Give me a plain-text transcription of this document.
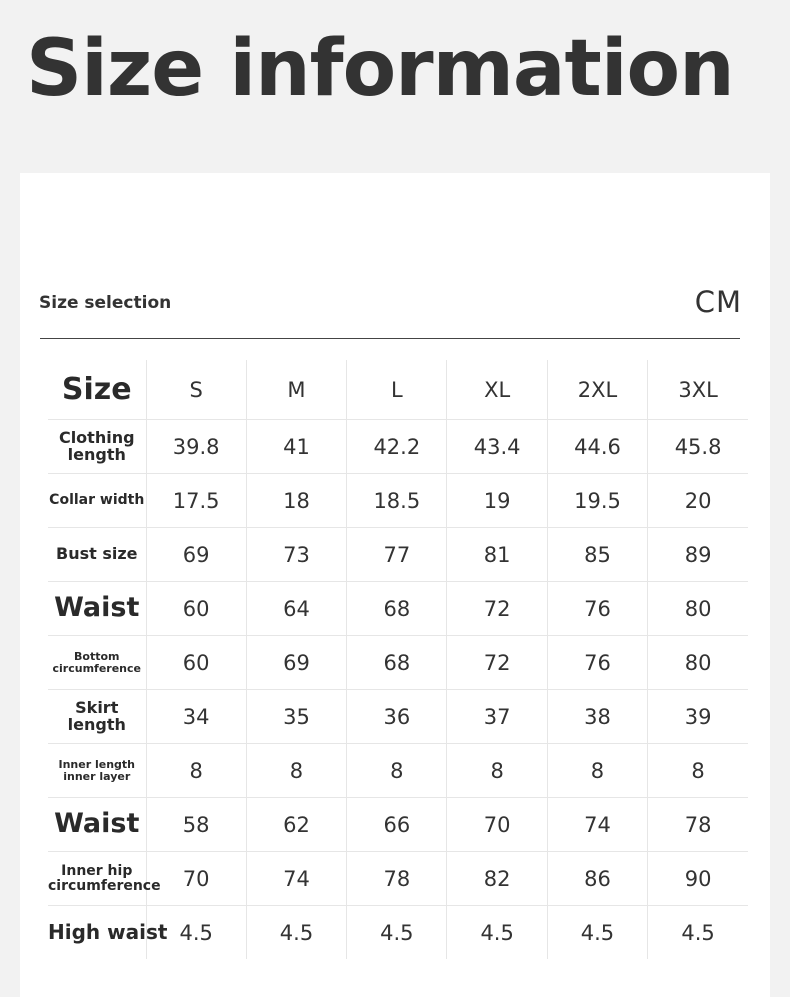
Size information
Size selection	CM
Size	S	M	L	XL	2XL	3XL
Clothing length	39.8	41	42.2	43.4	44.6	45.8
Collar width	17.5	18	18.5	19	19.5	20
Bust size	69	73	77	81	85	89
Waist	60	64	68	72	76	80
Bottom circumference	60	69	68	72	76	80
Skirt length	34	35	36	37	38	39
Inner length inner layer	8	8	8	8	8	8
Waist	58	62	66	70	74	78
Inner hip circumference	70	74	78	82	86	90
High waist	4.5	4.5	4.5	4.5	4.5	4.5
